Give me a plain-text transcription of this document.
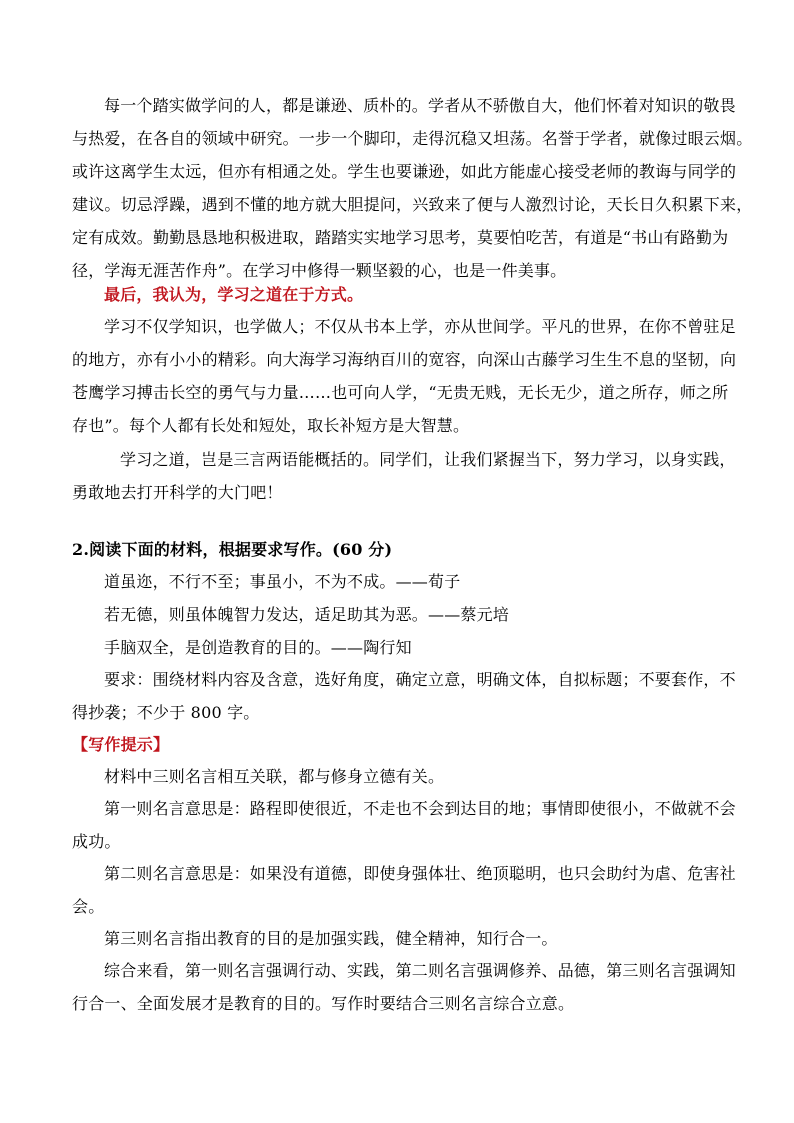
每一个踏实做学问的人，都是谦逊、质朴的。学者从不骄傲自大，他们怀着对知识的敬畏
与热爱，在各自的领域中研究。一步一个脚印，走得沉稳又坦荡。名誉于学者，就像过眼云烟。
或许这离学生太远，但亦有相通之处。学生也要谦逊，如此方能虚心接受老师的教诲与同学的
建议。切忌浮躁，遇到不懂的地方就大胆提问，兴致来了便与人激烈讨论，天长日久积累下来，
定有成效。勤勤恳恳地积极进取，踏踏实实地学习思考，莫要怕吃苦，有道是“书山有路勤为
径，学海无涯苦作舟”。在学习中修得一颗坚毅的心，也是一件美事。
最后，我认为，学习之道在于方式。
学习不仅学知识，也学做人；不仅从书本上学，亦从世间学。平凡的世界，在你不曾驻足
的地方，亦有小小的精彩。向大海学习海纳百川的宽容，向深山古藤学习生生不息的坚韧，向
苍鹰学习搏击长空的勇气与力量……也可向人学，“无贵无贱，无长无少，道之所存，师之所
存也”。每个人都有长处和短处，取长补短方是大智慧。
学习之道，岂是三言两语能概括的。同学们，让我们紧握当下，努力学习，以身实践，
勇敢地去打开科学的大门吧！
2.阅读下面的材料，根据要求写作。(60 分)
道虽迩，不行不至；事虽小，不为不成。——荀子
若无德，则虽体魄智力发达，适足助其为恶。——蔡元培
手脑双全，是创造教育的目的。——陶行知
要求：围绕材料内容及含意，选好角度，确定立意，明确文体，自拟标题；不要套作，不
得抄袭；不少于 800 字。
【写作提示】
材料中三则名言相互关联，都与修身立德有关。
第一则名言意思是：路程即使很近，不走也不会到达目的地；事情即使很小，不做就不会
成功。
第二则名言意思是：如果没有道德，即使身强体壮、绝顶聪明，也只会助纣为虐、危害社
会。
第三则名言指出教育的目的是加强实践，健全精神，知行合一。
综合来看，第一则名言强调行动、实践，第二则名言强调修养、品德，第三则名言强调知
行合一、全面发展才是教育的目的。写作时要结合三则名言综合立意。
